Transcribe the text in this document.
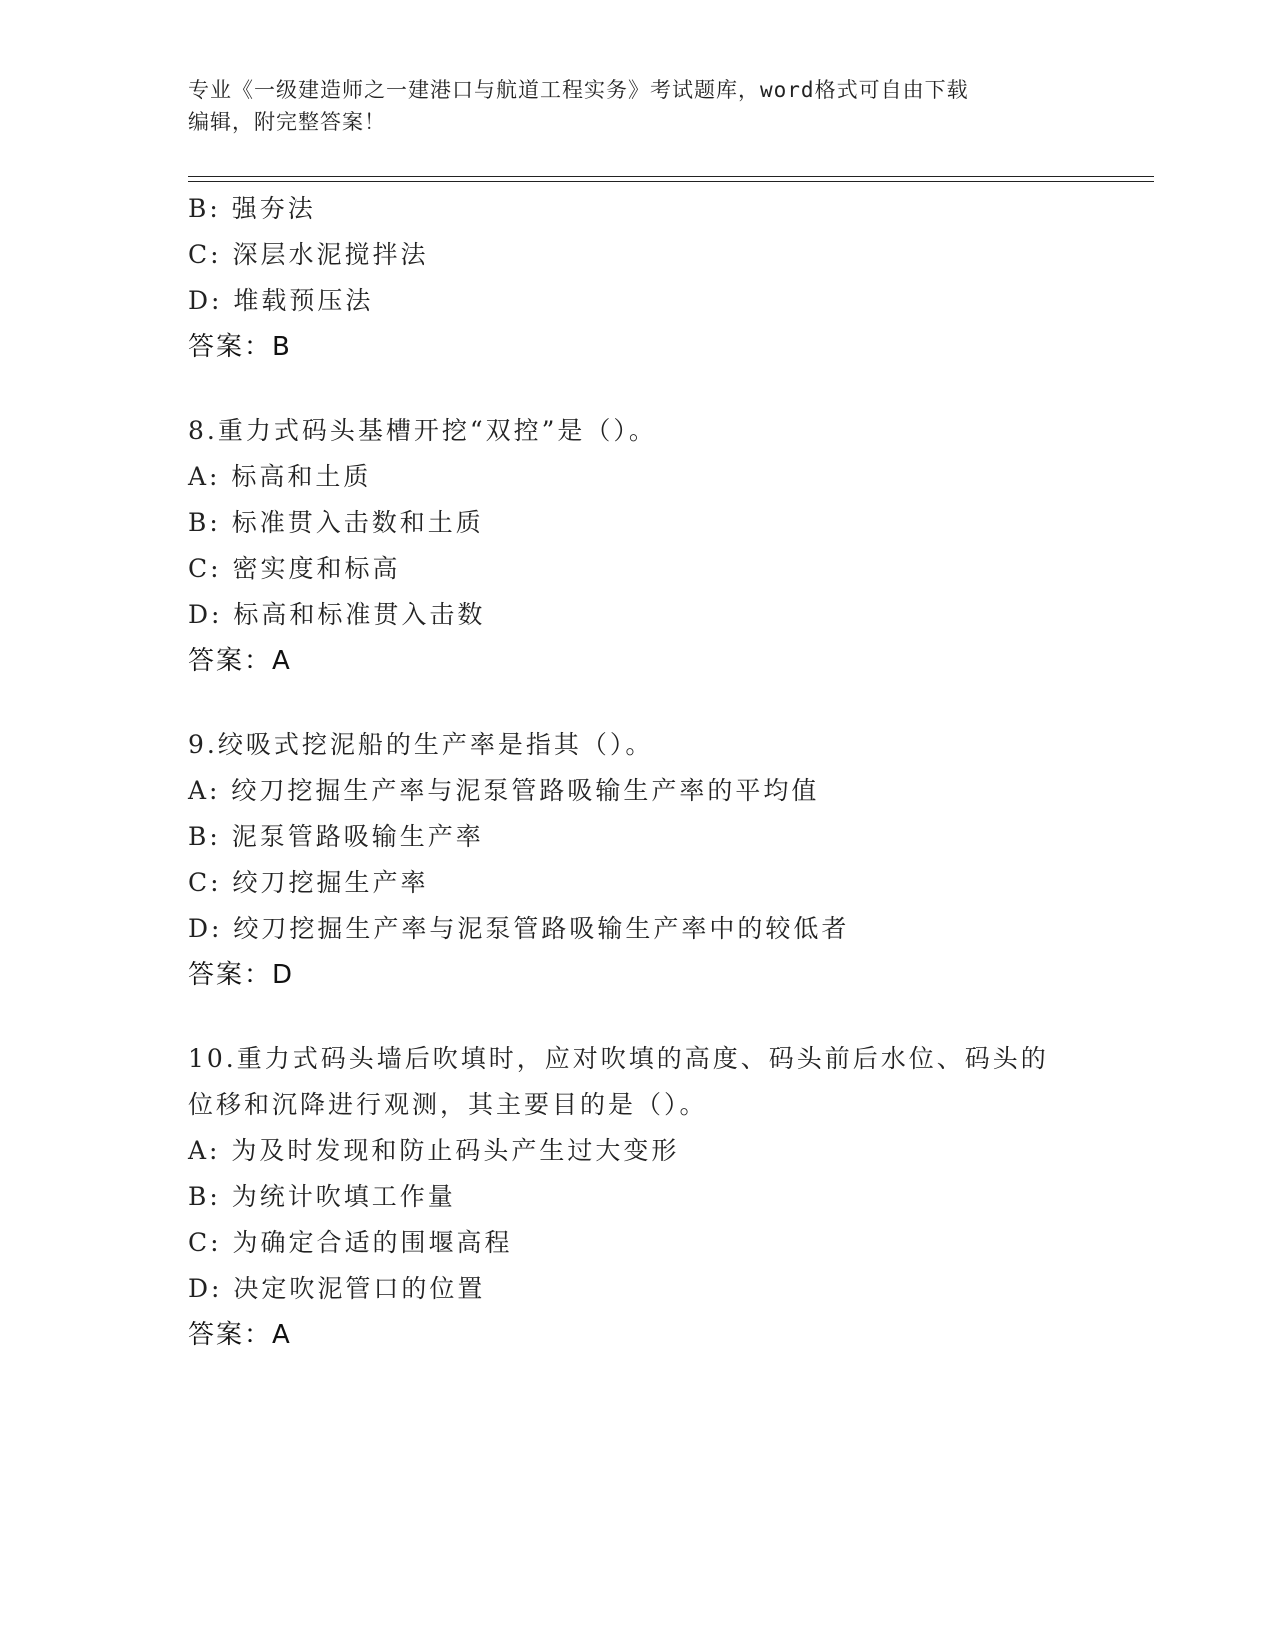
专业《一级建造师之一建港口与航道工程实务》考试题库，word格式可自由下载
编辑，附完整答案！
B: 强夯法
C: 深层水泥搅拌法
D: 堆载预压法
答案：B
8.重力式码头基槽开挖“双控”是（）。
A: 标高和土质
B: 标准贯入击数和土质
C: 密实度和标高
D: 标高和标准贯入击数
答案：A
9.绞吸式挖泥船的生产率是指其（）。
A: 绞刀挖掘生产率与泥泵管路吸输生产率的平均值
B: 泥泵管路吸输生产率
C: 绞刀挖掘生产率
D: 绞刀挖掘生产率与泥泵管路吸输生产率中的较低者
答案：D
10.重力式码头墙后吹填时，应对吹填的高度、码头前后水位、码头的
位移和沉降进行观测，其主要目的是（）。
A: 为及时发现和防止码头产生过大变形
B: 为统计吹填工作量
C: 为确定合适的围堰高程
D: 决定吹泥管口的位置
答案：A
